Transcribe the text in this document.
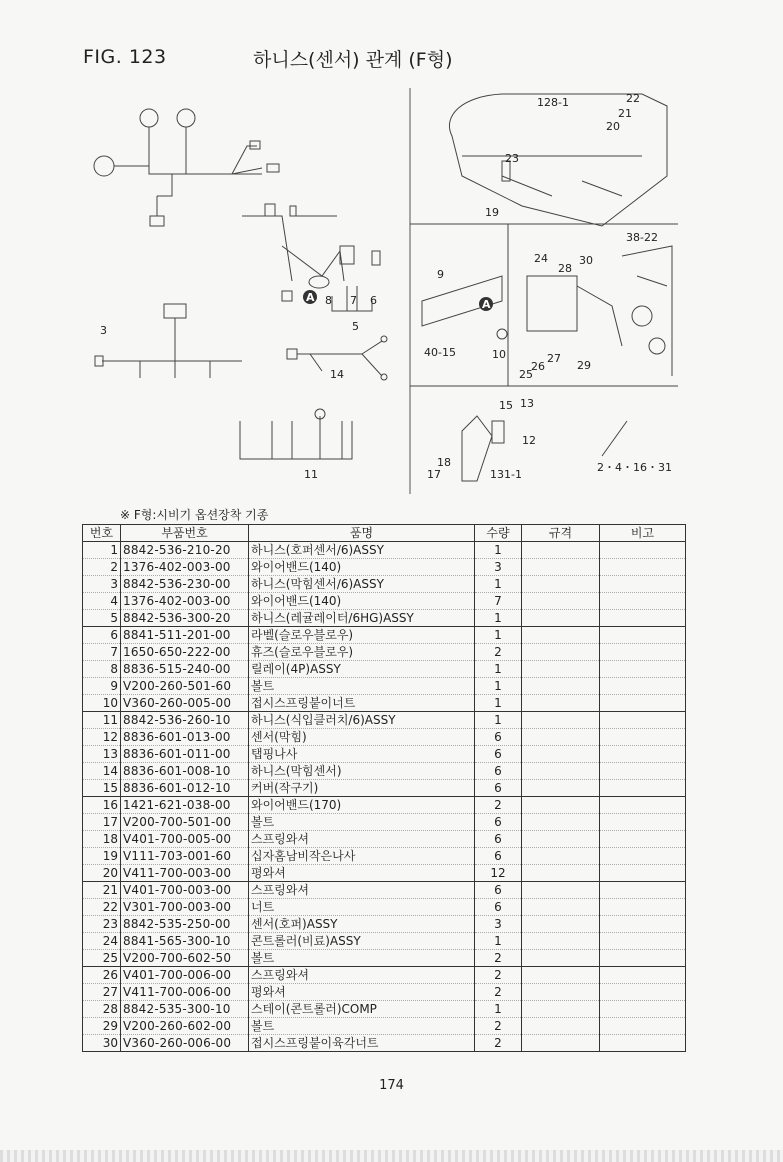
FIG. 123	하니스(센서) 관계 (F형)
3	5
6
7
8
11
14
128-1	22
21
20
23
19
38-22
24
28
30
9
40-15	10
25
26
27
29
15 13
12
18
17	131-1
2・4・16・31
A
A
※ F형:시비기 옵션장착 기종
번호	부품번호	품명	수량	규격	비고
1	8842-536-210-20	하니스(호퍼센서/6)ASSY	1		
2	1376-402-003-00	와이어밴드(140)	3		
3	8842-536-230-00	하니스(막힘센서/6)ASSY	1		
4	1376-402-003-00	와이어밴드(140)	7		
5	8842-536-300-20	하니스(레귤레이터/6HG)ASSY	1		
6	8841-511-201-00	라벨(슬로우블로우)	1		
7	1650-650-222-00	휴즈(슬로우블로우)	2		
8	8836-515-240-00	릴레이(4P)ASSY	1		
9	V200-260-501-60	볼트	1		
10	V360-260-005-00	접시스프링붙이너트	1		
11	8842-536-260-10	하니스(식입클러치/6)ASSY	1		
12	8836-601-013-00	센서(막힘)	6		
13	8836-601-011-00	탭핑나사	6		
14	8836-601-008-10	하니스(막힘센서)	6		
15	8836-601-012-10	커버(작구기)	6		
16	1421-621-038-00	와이어밴드(170)	2		
17	V200-700-501-00	볼트	6		
18	V401-700-005-00	스프링와셔	6		
19	V111-703-001-60	십자홈남비작은나사	6		
20	V411-700-003-00	평와셔	12		
21	V401-700-003-00	스프링와셔	6		
22	V301-700-003-00	너트	6		
23	8842-535-250-00	센서(호퍼)ASSY	3		
24	8841-565-300-10	콘트롤러(비료)ASSY	1		
25	V200-700-602-50	볼트	2		
26	V401-700-006-00	스프링와셔	2		
27	V411-700-006-00	평와셔	2		
28	8842-535-300-10	스테이(콘트롤러)COMP	1		
29	V200-260-602-00	볼트	2		
30	V360-260-006-00	접시스프링붙이육각너트	2		
174
